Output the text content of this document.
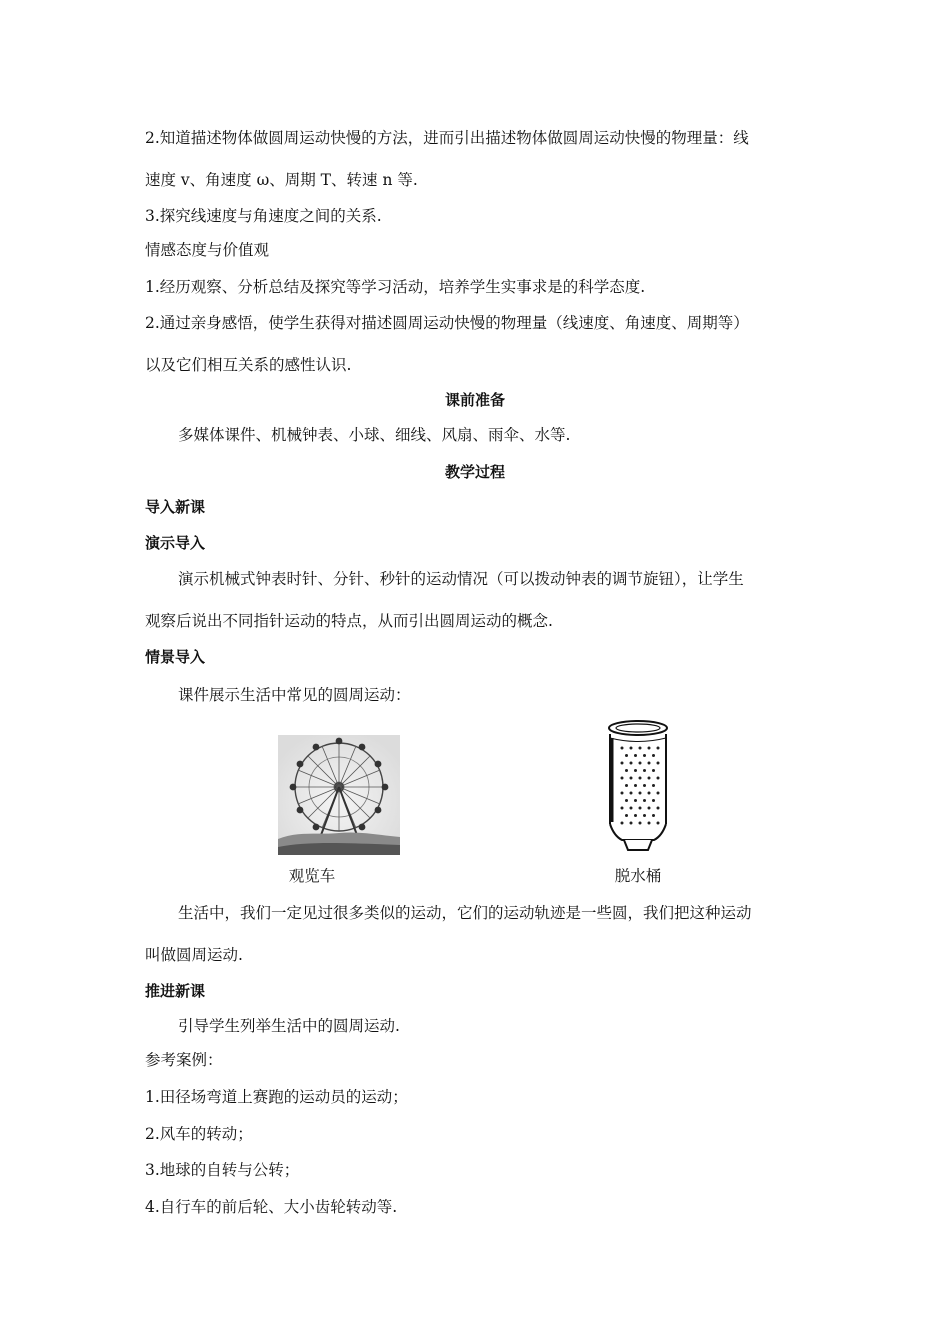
2.知道描述物体做圆周运动快慢的方法，进而引出描述物体做圆周运动快慢的物理量：线
速度 v、角速度 ω、周期 T、转速 n 等.
3.探究线速度与角速度之间的关系.
情感态度与价值观
1.经历观察、分析总结及探究等学习活动，培养学生实事求是的科学态度.
2.通过亲身感悟，使学生获得对描述圆周运动快慢的物理量（线速度、角速度、周期等）
以及它们相互关系的感性认识.
课前准备
多媒体课件、机械钟表、小球、细线、风扇、雨伞、水等.
教学过程
导入新课
演示导入
演示机械式钟表时针、分针、秒针的运动情况（可以拨动钟表的调节旋钮），让学生
观察后说出不同指针运动的特点，从而引出圆周运动的概念.
情景导入
课件展示生活中常见的圆周运动：
观览车	脱水桶
生活中，我们一定见过很多类似的运动，它们的运动轨迹是一些圆，我们把这种运动
叫做圆周运动.
推进新课
引导学生列举生活中的圆周运动.
参考案例：
1.田径场弯道上赛跑的运动员的运动；
2.风车的转动；
3.地球的自转与公转；
4.自行车的前后轮、大小齿轮转动等.
